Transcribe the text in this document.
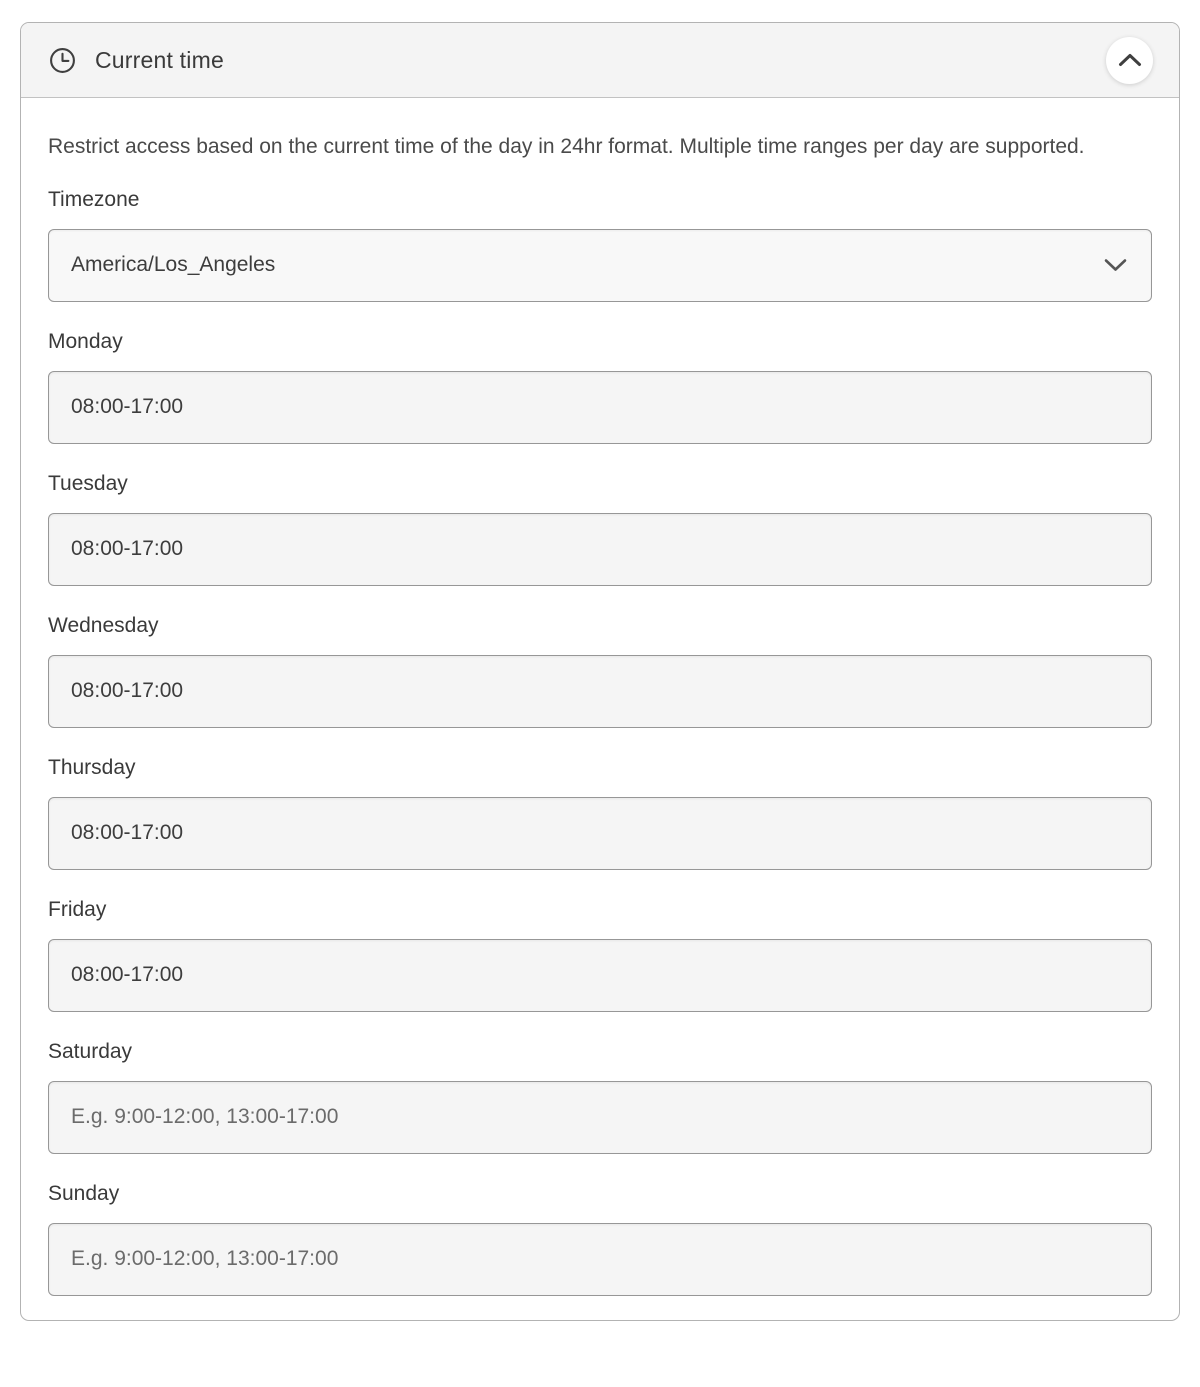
Current time

Restrict access based on the current time of the day in 24hr format. Multiple time ranges per day are supported.

Timezone
America/Los_Angeles
Monday
08:00-17:00
Tuesday
08:00-17:00
Wednesday
08:00-17:00
Thursday
08:00-17:00
Friday
08:00-17:00
Saturday
E.g. 9:00-12:00, 13:00-17:00
Sunday
E.g. 9:00-12:00, 13:00-17:00
